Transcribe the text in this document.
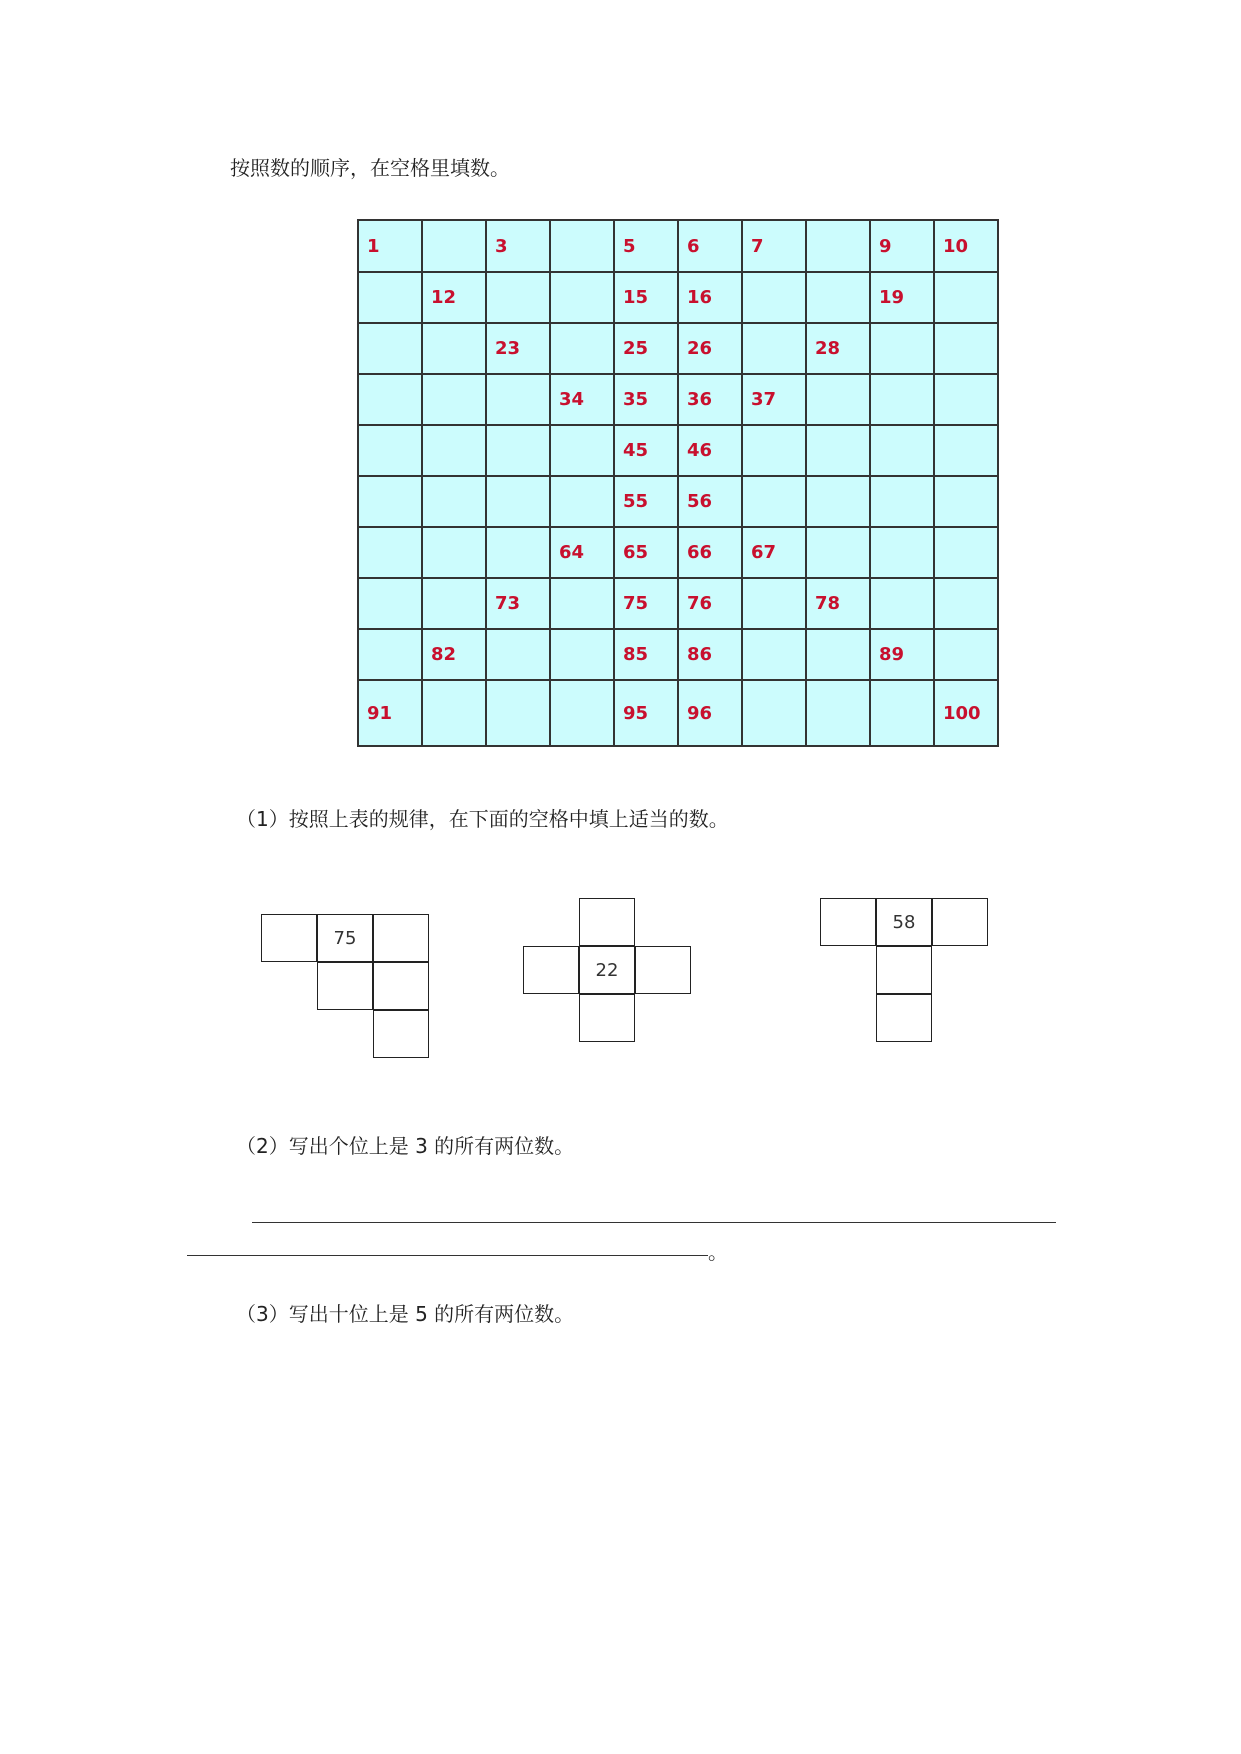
按照数的顺序，在空格里填数。
1		3		5	6	7		9	10
	12			15	16			19	
		23		25	26		28		
			34	35	36	37			
				45	46				
				55	56				
			64	65	66	67			
		73		75	76		78		
	82			85	86			89	
91				95	96				100
（1）按照上表的规律，在下面的空格中填上适当的数。
75
22
58
（2）写出个位上是 3 的所有两位数。
。
（3）写出十位上是 5 的所有两位数。
